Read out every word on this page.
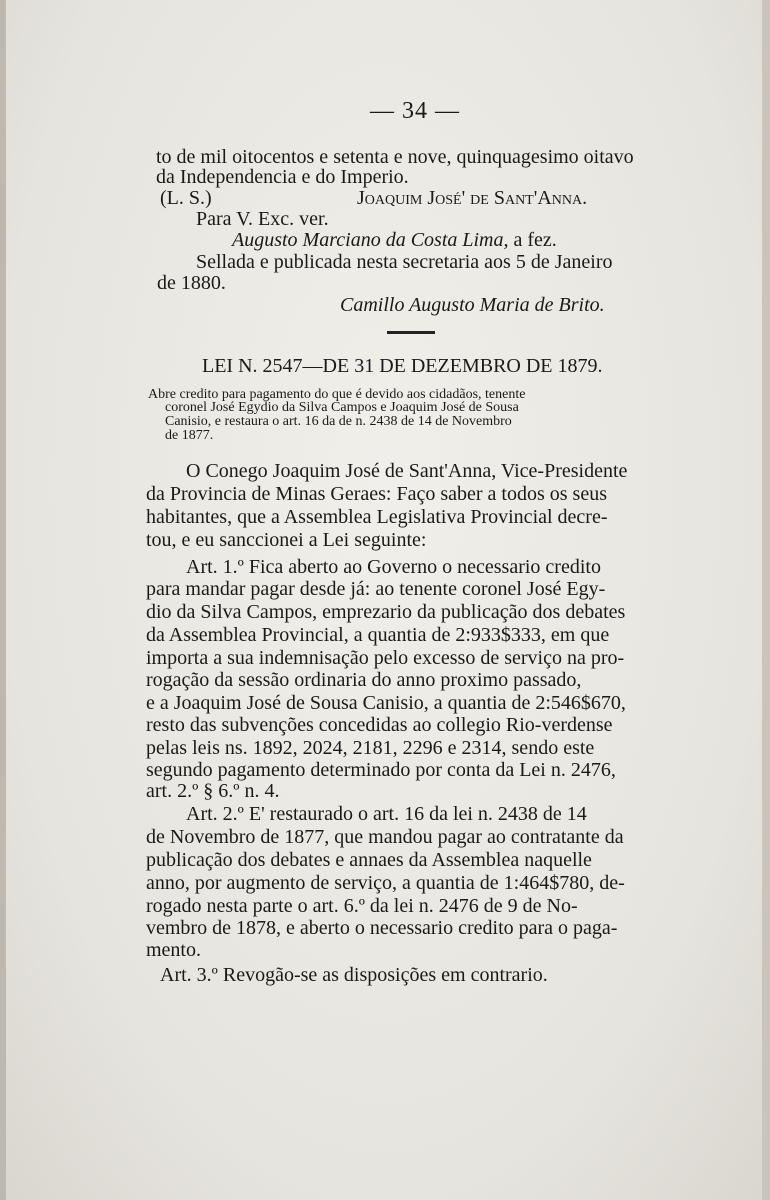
— 34 —
to de mil oitocentos e setenta e nove, quinquagesimo oitavo
da Independencia e do Imperio.
(L. S.)	Joaquim José' de Sant'Anna.
Para V. Exc. ver.
Augusto Marciano da Costa Lima, a fez.
Sellada e publicada nesta secretaria aos 5 de Janeiro
de 1880.
Camillo Augusto Maria de Brito.
LEI N. 2547—DE 31 DE DEZEMBRO DE 1879.
Abre credito para pagamento do que é devido aos cidadãos, tenente
coronel José Egydio da Silva Campos e Joaquim José de Sousa
Canisio, e restaura o art. 16 da de n. 2438 de 14 de Novembro
de 1877.
O Conego Joaquim José de Sant'Anna, Vice-Presidente
da Provincia de Minas Geraes: Faço saber a todos os seus
habitantes, que a Assemblea Legislativa Provincial decre-
tou, e eu sanccionei a Lei seguinte:
Art. 1.º Fica aberto ao Governo o necessario credito
para mandar pagar desde já: ao tenente coronel José Egy-
dio da Silva Campos, emprezario da publicação dos debates
da Assemblea Provincial, a quantia de 2:933$333, em que
importa a sua indemnisação pelo excesso de serviço na pro-
rogação da sessão ordinaria do anno proximo passado,
e a Joaquim José de Sousa Canisio, a quantia de 2:546$670,
resto das subvenções concedidas ao collegio Rio-verdense
pelas leis ns. 1892, 2024, 2181, 2296 e 2314, sendo este
segundo pagamento determinado por conta da Lei n. 2476,
art. 2.º § 6.º n. 4.
Art. 2.º E' restaurado o art. 16 da lei n. 2438 de 14
de Novembro de 1877, que mandou pagar ao contratante da
publicação dos debates e annaes da Assemblea naquelle
anno, por augmento de serviço, a quantia de 1:464$780, de-
rogado nesta parte o art. 6.º da lei n. 2476 de 9 de No-
vembro de 1878, e aberto o necessario credito para o paga-
mento.
Art. 3.º Revogão-se as disposições em contrario.
